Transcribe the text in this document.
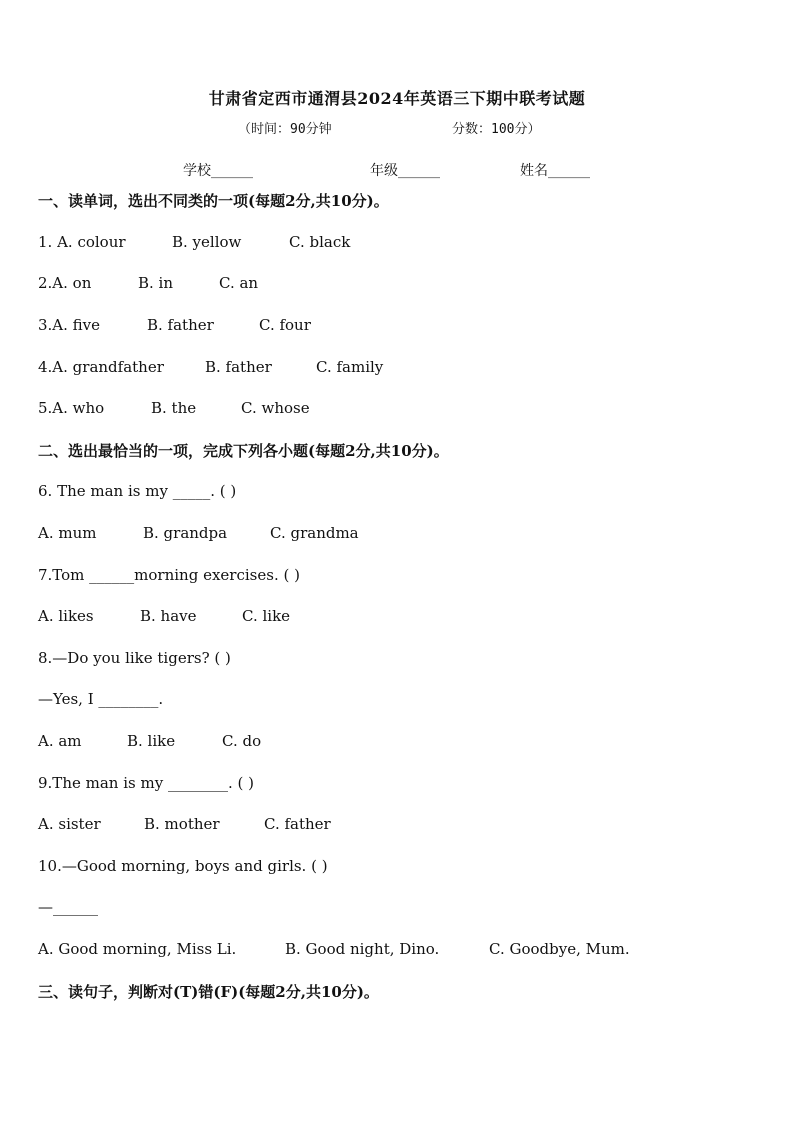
甘肃省定西市通渭县2024年英语三下期中联考试题
（时间：90分钟	分数：100分）
学校______	年级______	姓名______
一、读单词，选出不同类的一项(每题2分,共10分)。
1. A. colour	B. yellow	C. black
2.A. on	B. in	C. an
3.A. five	B. father	C. four
4.A. grandfather	B. father	C. family
5.A. who	B. the	C. whose
二、选出最恰当的一项，完成下列各小题(每题2分,共10分)。
6. The man is my _____. ( )
A. mum	B. grandpa	C. grandma
7.Tom ______morning exercises. ( )
A. likes	B. have	C. like
8.—Do you like tigers? ( )
—Yes, I ________.
A. am	B. like	C. do
9.The man is my ________. ( )
A. sister	B. mother	C. father
10.—Good morning, boys and girls. ( )
—______
A. Good morning, Miss Li.	B. Good night, Dino.	C. Goodbye, Mum.
三、读句子，判断对(T)错(F)(每题2分,共10分)。
